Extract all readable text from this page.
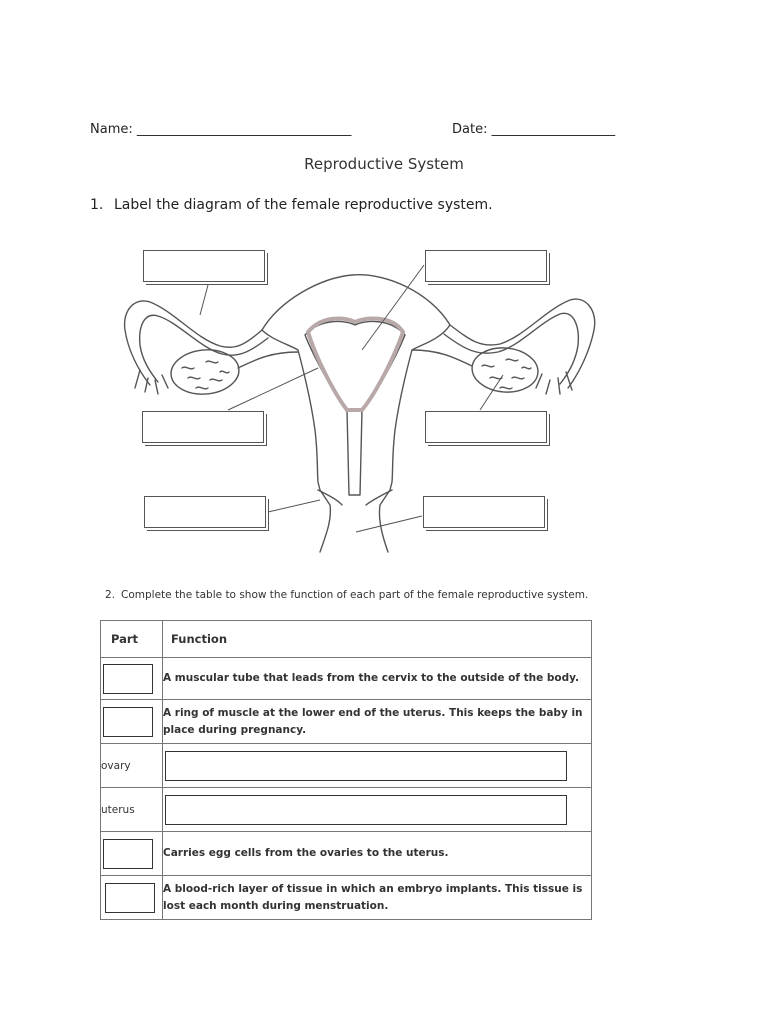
Name: _________________________________	Date: ___________________
Reproductive System
1. Label the diagram of the female reproductive system.
2. Complete the table to show the function of each part of the female reproductive system.
Part	Function

	A muscular tube that leads from the cervix to the outside of the body.

	A ring of muscle at the lower end of the uterus. This keeps the baby in place during pregnancy.
ovary	

uterus	

	Carries egg cells from the ovaries to the uterus.

	A blood-rich layer of tissue in which an embryo implants. This tissue is lost each month during menstruation.
